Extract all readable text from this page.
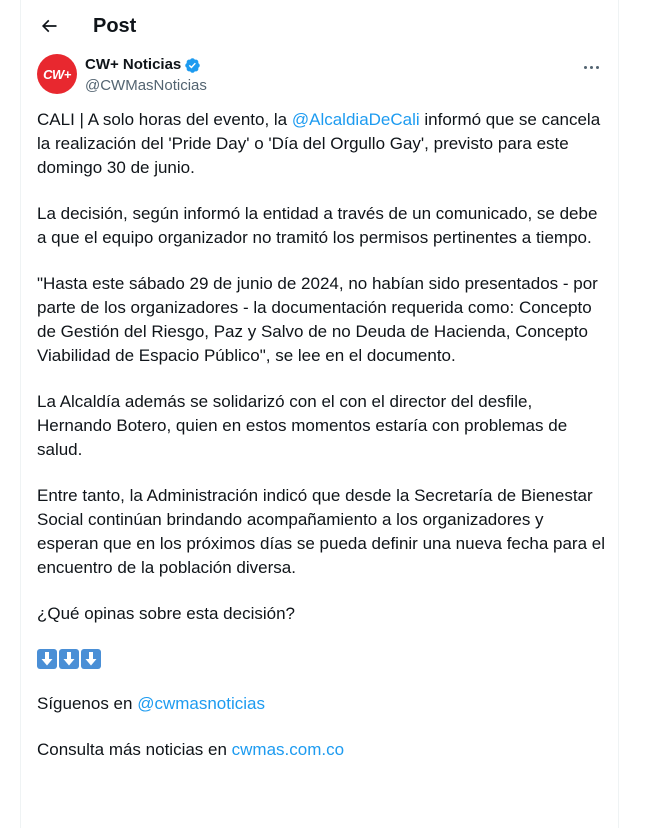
Post
CW+
CW+ Noticias
@CWMasNoticias

CALI | A solo horas del evento, la @AlcaldiaDeCali informó que se cancela la realización del 'Pride Day' o 'Día del Orgullo Gay', previsto para este domingo 30 de junio.

La decisión, según informó la entidad a través de un comunicado, se debe a que el equipo organizador no tramitó los permisos pertinentes a tiempo.

"Hasta este sábado 29 de junio de 2024, no habían sido presentados - por parte de los organizadores - la documentación requerida como: Concepto de Gestión del Riesgo, Paz y Salvo de no Deuda de Hacienda, Concepto Viabilidad de Espacio Público", se lee en el documento.

La Alcaldía además se solidarizó con el con el director del desfile, Hernando Botero, quien en estos momentos estaría con problemas de salud.

Entre tanto, la Administración indicó que desde la Secretaría de Bienestar Social continúan brindando acompañamiento a los organizadores y esperan que en los próximos días se pueda definir una nueva fecha para el encuentro de la población diversa.

¿Qué opinas sobre esta decisión?

Síguenos en @cwmasnoticias

Consulta más noticias en cwmas.com.co
